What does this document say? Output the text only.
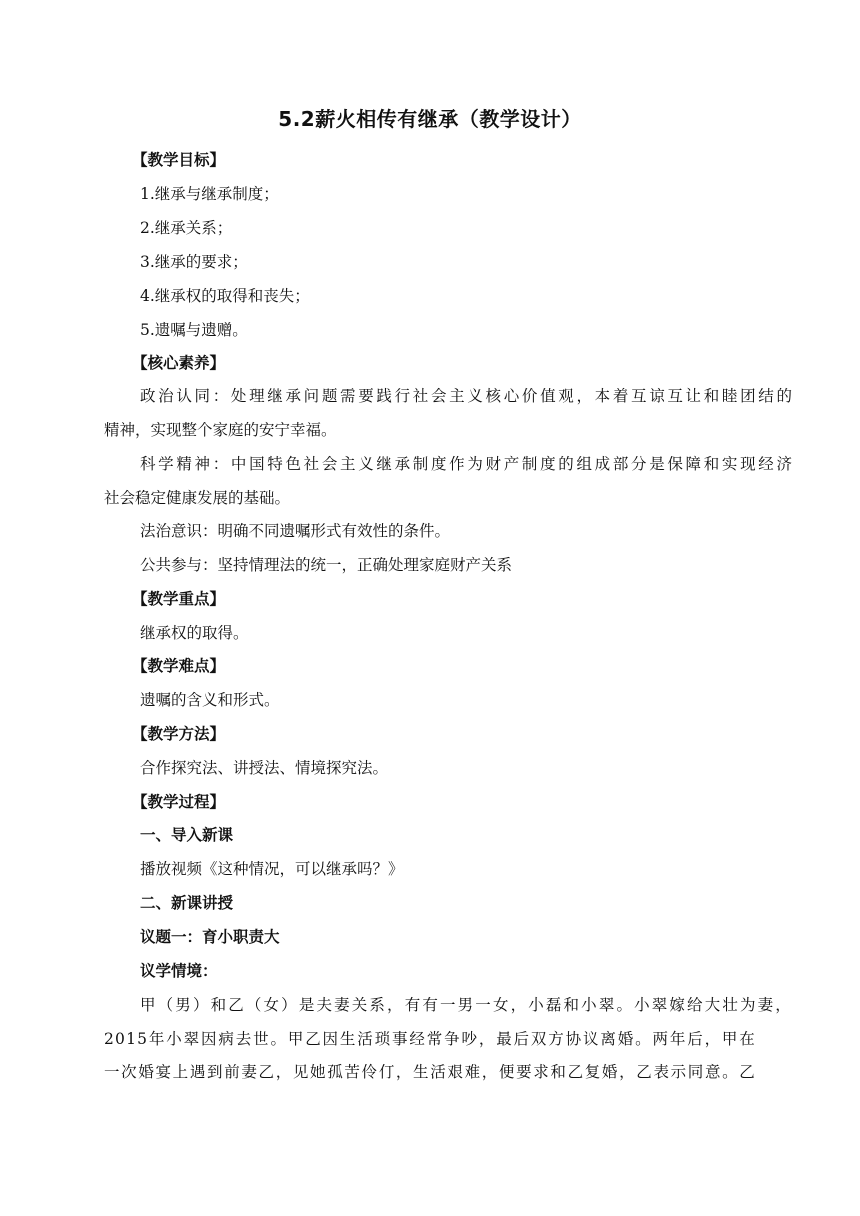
5.2薪火相传有继承（教学设计）
【教学目标】
1.继承与继承制度；
2.继承关系；
3.继承的要求；
4.继承权的取得和丧失；
5.遗嘱与遗赠。
【核心素养】
政治认同：处理继承问题需要践行社会主义核心价值观，本着互谅互让和睦团结的
精神，实现整个家庭的安宁幸福。
科学精神：中国特色社会主义继承制度作为财产制度的组成部分是保障和实现经济
社会稳定健康发展的基础。
法治意识：明确不同遗嘱形式有效性的条件。
公共参与：坚持情理法的统一，正确处理家庭财产关系
【教学重点】
继承权的取得。
【教学难点】
遗嘱的含义和形式。
【教学方法】
合作探究法、讲授法、情境探究法。
【教学过程】
一、导入新课
播放视频《这种情况，可以继承吗？》
二、新课讲授
议题一：育小职责大
议学情境：
甲（男）和乙（女）是夫妻关系，有有一男一女，小磊和小翠。小翠嫁给大壮为妻，
2015年小翠因病去世。甲乙因生活琐事经常争吵，最后双方协议离婚。两年后，甲在
一次婚宴上遇到前妻乙，见她孤苦伶仃，生活艰难，便要求和乙复婚，乙表示同意。乙
